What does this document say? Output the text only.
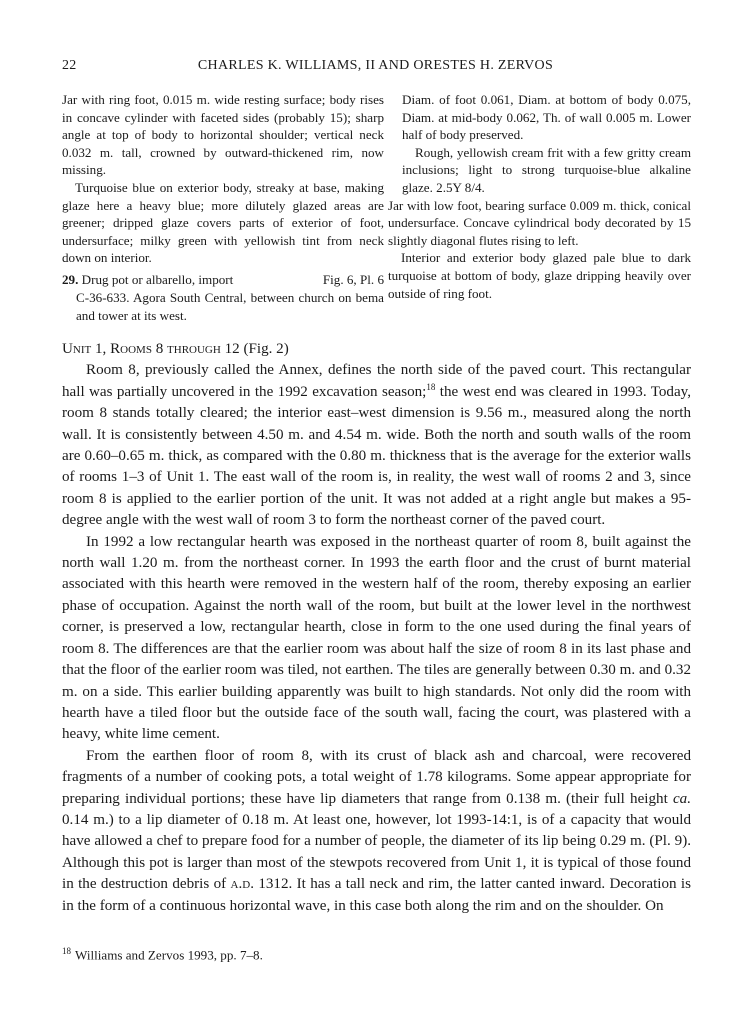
22	CHARLES K. WILLIAMS, II AND ORESTES H. ZERVOS

Jar with ring foot, 0.015 m. wide resting surface; body rises in concave cylinder with faceted sides (probably 15); sharp angle at top of body to horizontal shoulder; vertical neck 0.032 m. tall, crowned by outward-thickened rim, now missing.

Turquoise blue on exterior body, streaky at base, making glaze here a heavy blue; more dilutely glazed areas are greener; dripped glaze covers parts of exterior of foot, undersurface; milky green with yellowish tint from neck down on interior.

29. Drug pot or albarello, import	Fig. 6, Pl. 6

C-36-633. Agora South Central, between church on bema and tower at its west.

Diam. of foot 0.061, Diam. at bottom of body 0.075, Diam. at mid-body 0.062, Th. of wall 0.005 m. Lower half of body preserved.

Rough, yellowish cream frit with a few gritty cream inclusions; light to strong turquoise-blue alkaline glaze. 2.5Y 8/4.

Jar with low foot, bearing surface 0.009 m. thick, conical undersurface. Concave cylindrical body decorated by 15 slightly diagonal flutes rising to left.

Interior and exterior body glazed pale blue to dark turquoise at bottom of body, glaze dripping heavily over outside of ring foot.

Unit 1, Rooms 8 through 12 (Fig. 2)

Room 8, previously called the Annex, defines the north side of the paved court. This rectangular hall was partially uncovered in the 1992 excavation season;$^{18}$ the west end was cleared in 1993. Today, room 8 stands totally cleared; the interior east–west dimension is 9.56 m., measured along the north wall. It is consistently between 4.50 m. and 4.54 m. wide. Both the north and south walls of the room are 0.60–0.65 m. thick, as compared with the 0.80 m. thickness that is the average for the exterior walls of rooms 1–3 of Unit 1. The east wall of the room is, in reality, the west wall of rooms 2 and 3, since room 8 is applied to the earlier portion of the unit. It was not added at a right angle but makes a 95-degree angle with the west wall of room 3 to form the northeast corner of the paved court.

In 1992 a low rectangular hearth was exposed in the northeast quarter of room 8, built against the north wall 1.20 m. from the northeast corner. In 1993 the earth floor and the crust of burnt material associated with this hearth were removed in the western half of the room, thereby exposing an earlier phase of occupation. Against the north wall of the room, but built at the lower level in the northwest corner, is preserved a low, rectangular hearth, close in form to the one used during the final years of room 8. The differences are that the earlier room was about half the size of room 8 in its last phase and that the floor of the earlier room was tiled, not earthen. The tiles are generally between 0.30 m. and 0.32 m. on a side. This earlier building apparently was built to high standards. Not only did the room with hearth have a tiled floor but the outside face of the south wall, facing the court, was plastered with a heavy, white lime cement.

From the earthen floor of room 8, with its crust of black ash and charcoal, were recovered fragments of a number of cooking pots, a total weight of 1.78 kilograms. Some appear appropriate for preparing individual portions; these have lip diameters that range from 0.138 m. (their full height ca. 0.14 m.) to a lip diameter of 0.18 m. At least one, however, lot 1993-14:1, is of a capacity that would have allowed a chef to prepare food for a number of people, the diameter of its lip being 0.29 m. (Pl. 9). Although this pot is larger than most of the stewpots recovered from Unit 1, it is typical of those found in the destruction debris of a.d. 1312. It has a tall neck and rim, the latter canted inward. Decoration is in the form of a continuous horizontal wave, in this case both along the rim and on the shoulder. On

$^{18}$ Williams and Zervos 1993, pp. 7–8.
